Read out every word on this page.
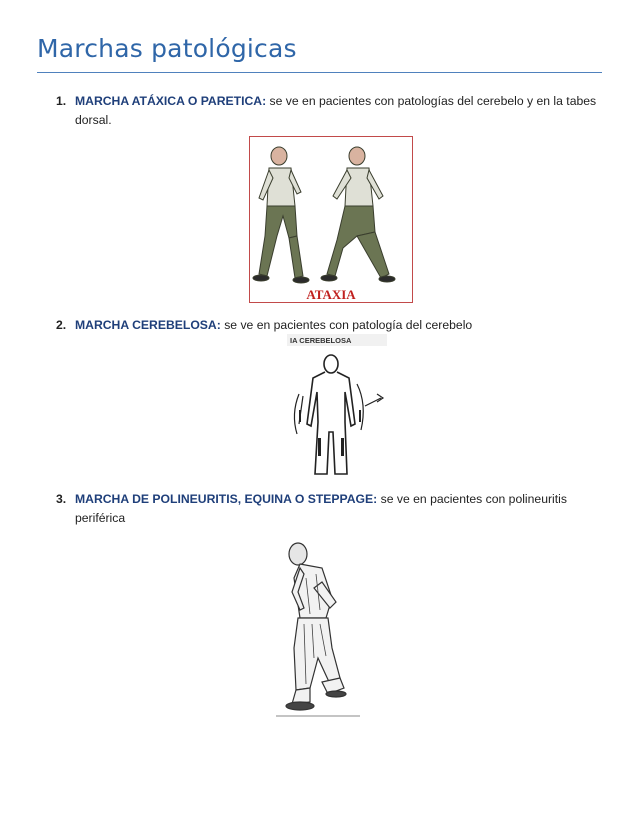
Marchas patológicas
1. MARCHA ATÁXICA O PARETICA: se ve en pacientes con patologías del cerebelo y en la tabes dorsal.
ATAXIA
2. MARCHA CEREBELOSA: se ve en pacientes con patología del cerebelo
IA CEREBELOSA
3. MARCHA DE POLINEURITIS, EQUINA O STEPPAGE: se ve en pacientes con polineuritis periférica
